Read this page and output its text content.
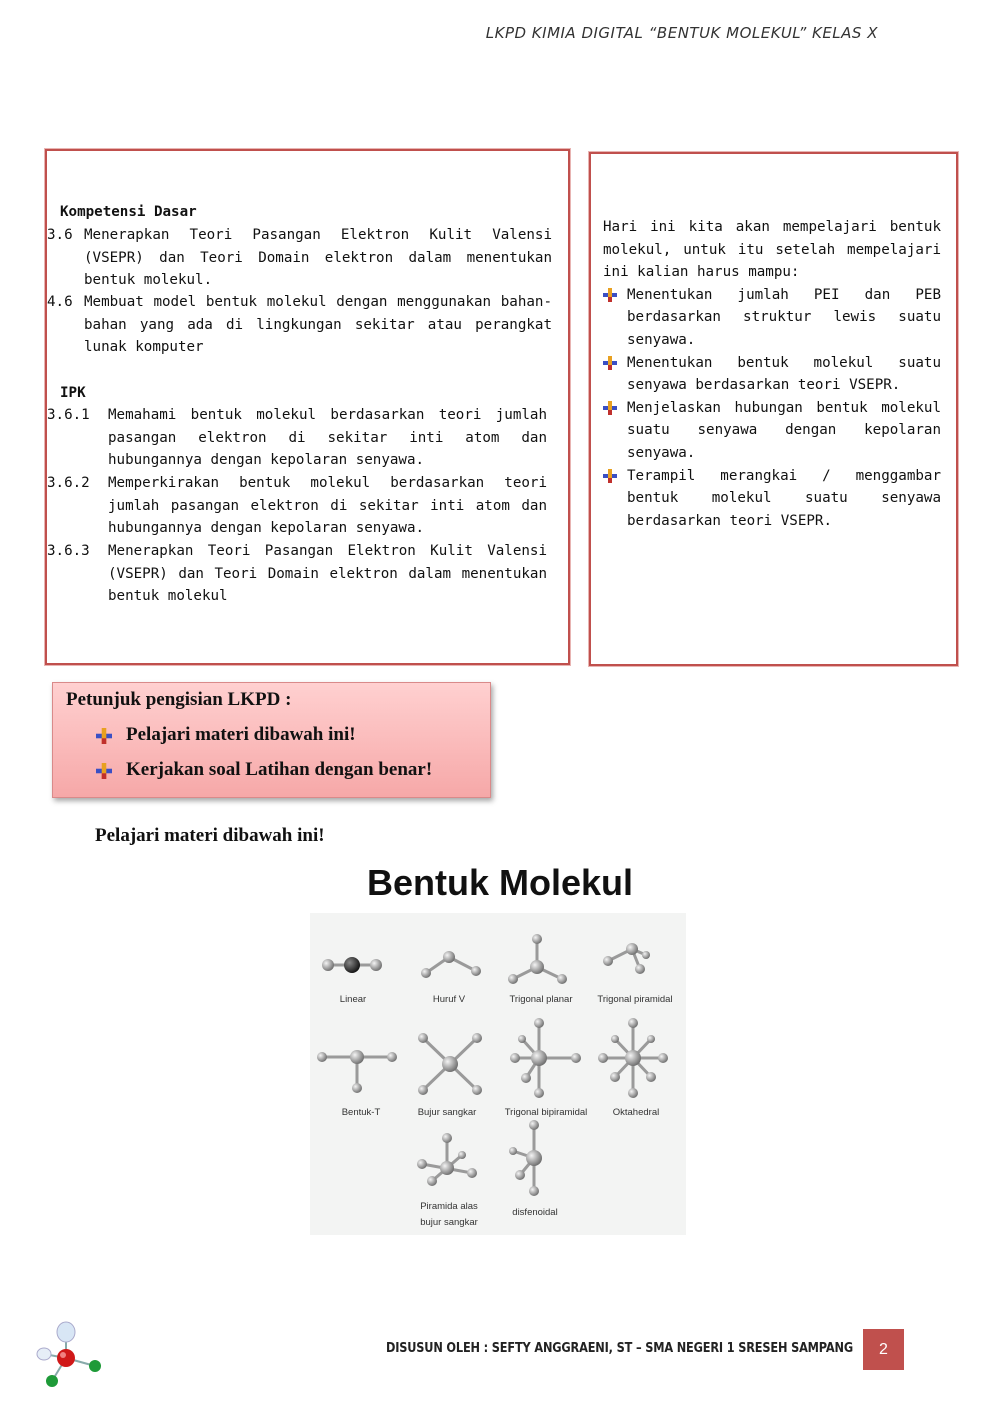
LKPD KIMIA DIGITAL “BENTUK MOLEKUL” KELAS X
Kompetensi Dasar
3.6 Menerapkan Teori Pasangan Elektron Kulit Valensi (VSEPR) dan Teori Domain elektron dalam menentukan bentuk molekul.
4.6 Membuat model bentuk molekul dengan menggunakan bahan-bahan yang ada di lingkungan sekitar atau perangkat lunak komputer
IPK
3.6.1 Memahami bentuk molekul berdasarkan teori jumlah pasangan elektron di sekitar inti atom dan hubungannya dengan kepolaran senyawa.
3.6.2 Memperkirakan bentuk molekul berdasarkan teori jumlah pasangan elektron di sekitar inti atom dan hubungannya dengan kepolaran senyawa.
3.6.3 Menerapkan Teori Pasangan Elektron Kulit Valensi (VSEPR) dan Teori Domain elektron dalam menentukan bentuk molekul
Hari ini kita akan mempelajari bentuk molekul, untuk itu setelah mempelajari ini kalian harus mampu:
Menentukan jumlah PEI dan PEB berdasarkan struktur lewis suatu senyawa.
Menentukan bentuk molekul suatu senyawa berdasarkan teori VSEPR.
Menjelaskan hubungan bentuk molekul suatu senyawa dengan kepolaran senyawa.
Terampil merangkai / menggambar bentuk molekul suatu senyawa berdasarkan teori VSEPR.
Petunjuk pengisian LKPD :
Pelajari materi dibawah ini!
Kerjakan soal Latihan dengan benar!
Pelajari materi dibawah ini!
Bentuk Molekul
Linear	Huruf V	Trigonal planar	Trigonal piramidal
Bentuk-T	Bujur sangkar	Trigonal bipiramidal	Oktahedral
Piramida alas
bujur sangkar
disfenoidal
DISUSUN OLEH : SEFTY ANGGRAENI, ST – SMA NEGERI 1 SRESEH SAMPANG	2
